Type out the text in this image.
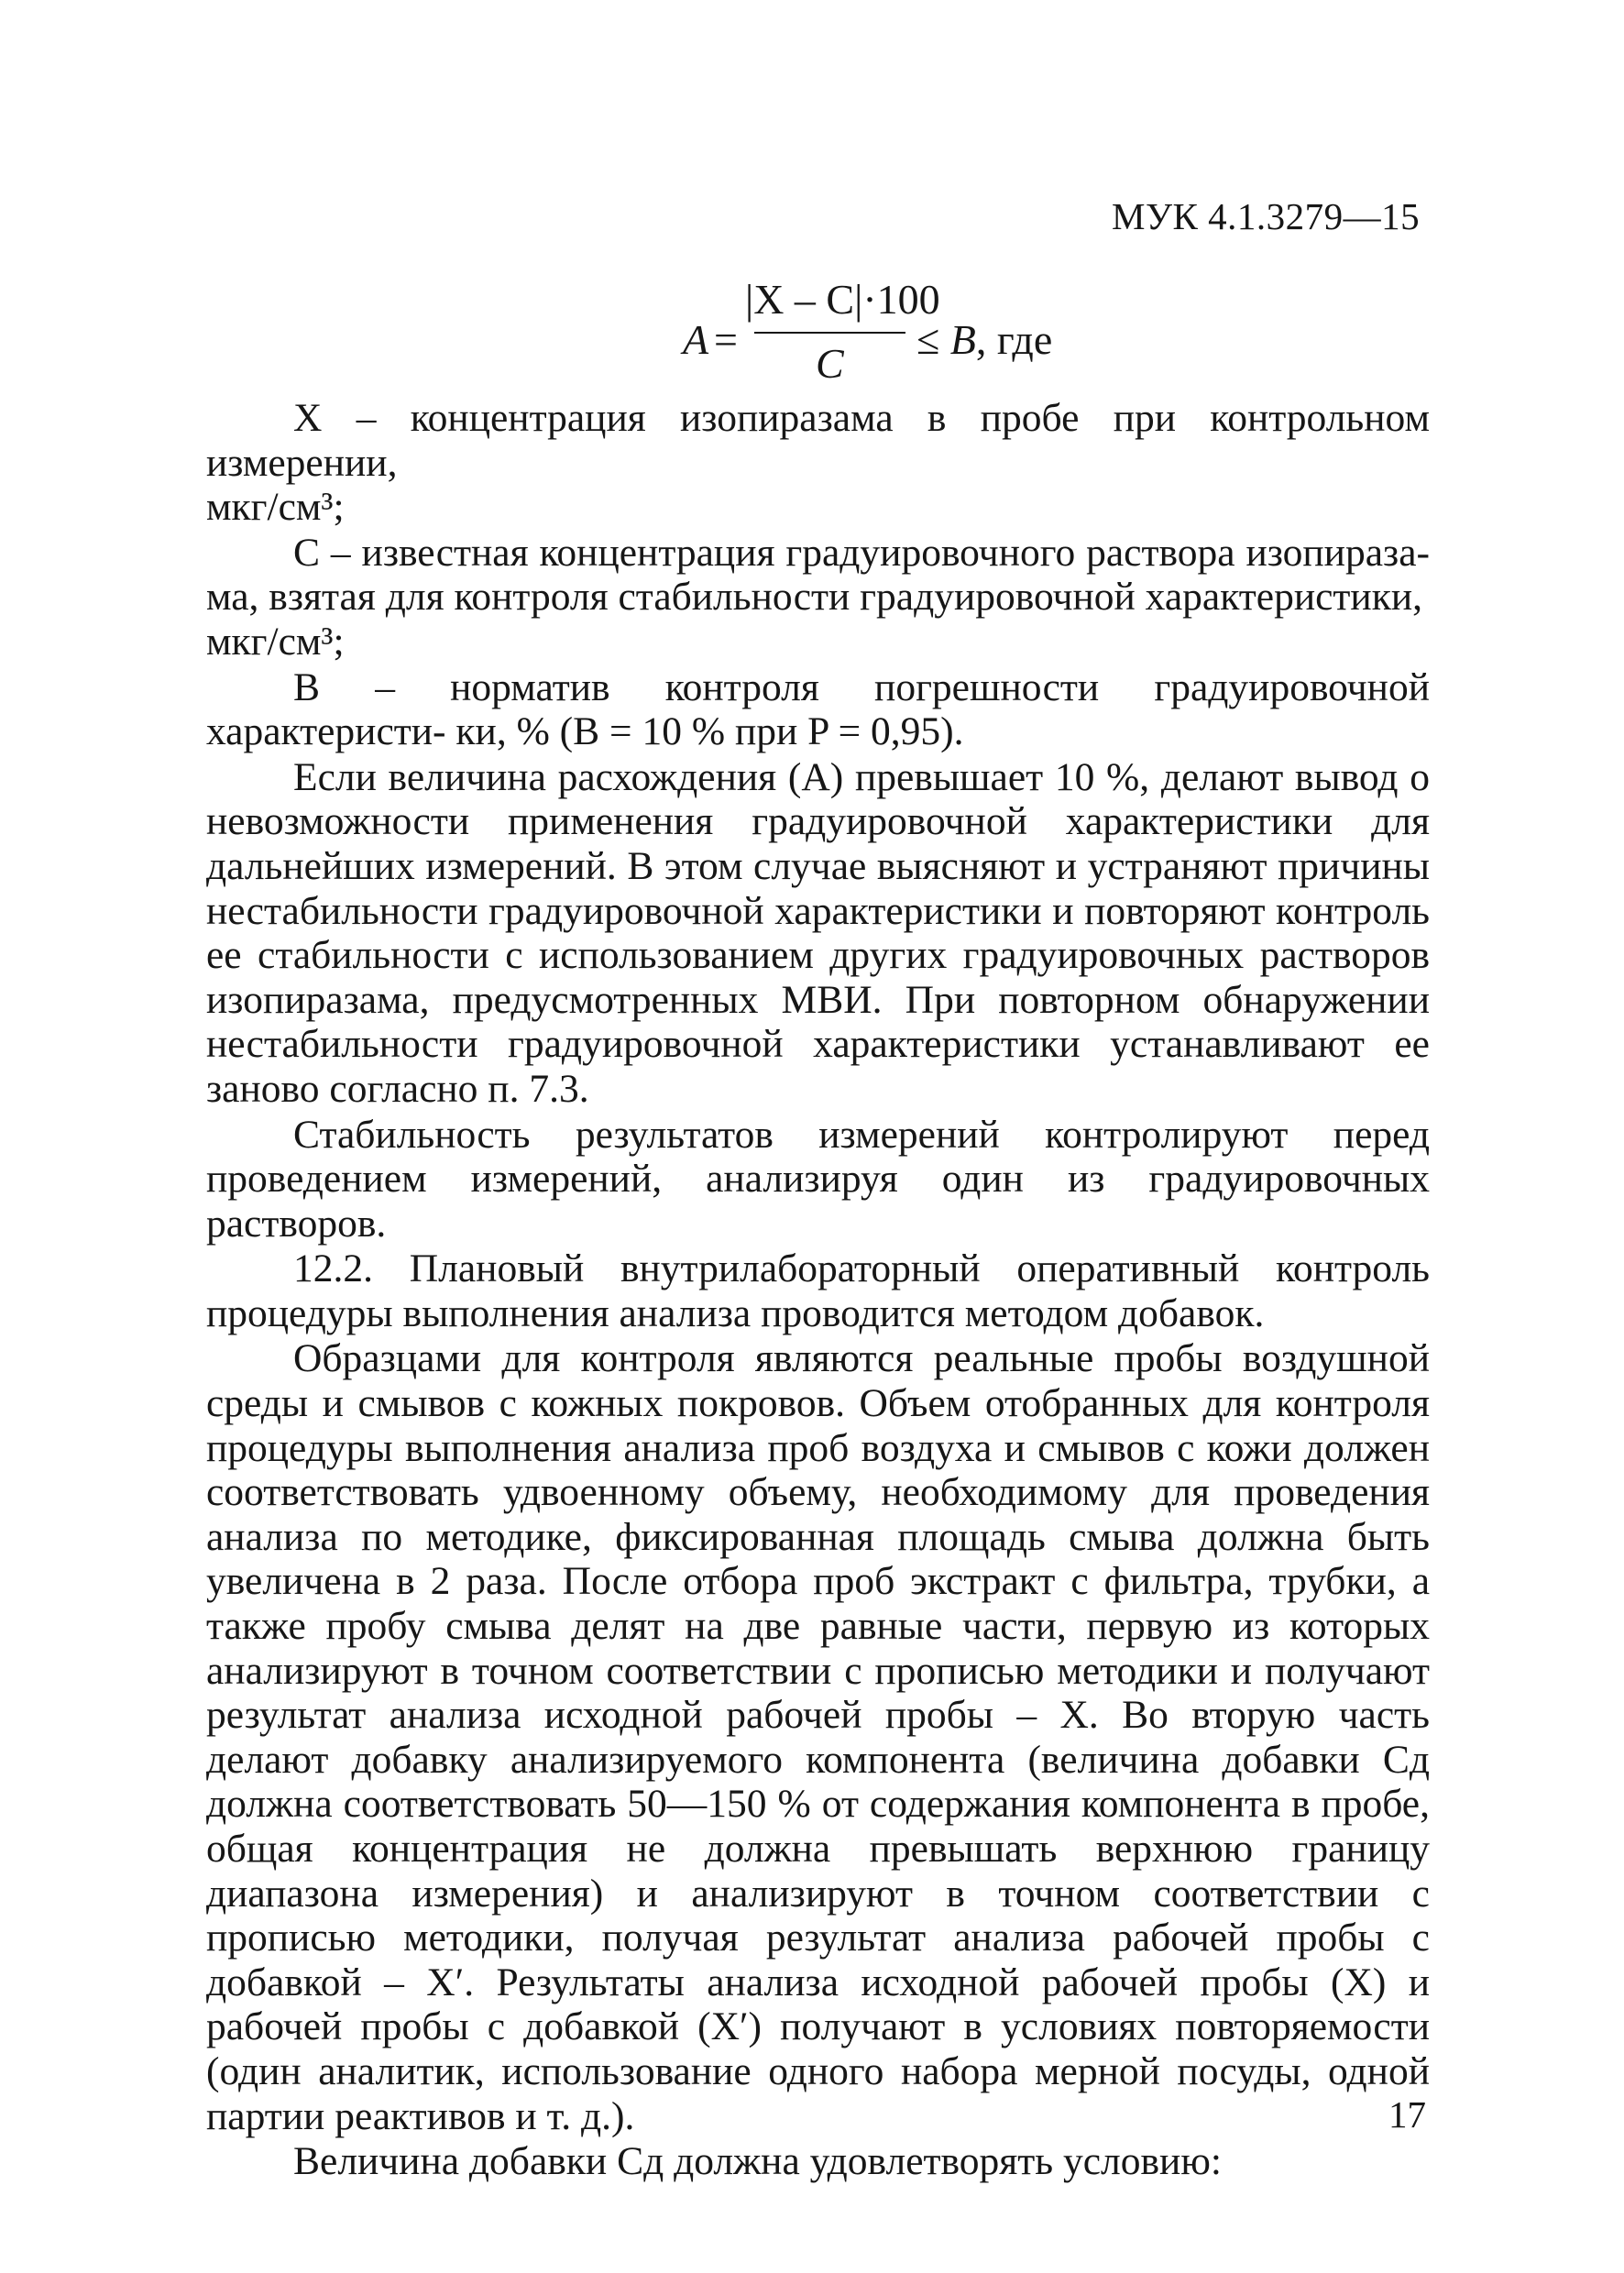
МУК 4.1.3279—15
A =
|X – C|·100
C
≤ B, где

X – концентрация изопиразама в пробе при контрольном измерении,
мкг/см³;

C – известная концентрация градуировочного раствора изопираза- ма, взятая для контроля стабильности градуировочной характеристики,
мкг/см³;

B – норматив контроля погрешности градуировочной характеристи- ки, % (B = 10 % при P = 0,95).

Если величина расхождения (A) превышает 10 %, делают вывод о невозможности применения градуировочной характеристики для дальнейших измерений. В этом случае выясняют и устраняют причины нестабильности градуировочной характеристики и повторяют контроль ее стабильности с использованием других градуировочных растворов изопиразама, предусмотренных МВИ. При повторном обнаружении нестабильности градуировочной характеристики устанавливают ее заново согласно п. 7.3.

Стабильность результатов измерений контролируют перед проведением измерений, анализируя один из градуировочных растворов.

12.2. Плановый внутрилабораторный оперативный контроль процедуры выполнения анализа проводится методом добавок.

Образцами для контроля являются реальные пробы воздушной среды и смывов с кожных покровов. Объем отобранных для контроля процедуры выполнения анализа проб воздуха и смывов с кожи должен соответствовать удвоенному объему, необходимому для проведения анализа по методике, фиксированная площадь смыва должна быть увеличена в 2 раза. После отбора проб экстракт с фильтра, трубки, а также пробу смыва делят на две равные части, первую из которых анализируют в точном соответствии с прописью методики и получают результат анализа исходной рабочей пробы – X. Во вторую часть делают добавку анализируемого компонента (величина добавки Cд должна соответствовать 50—150 % от содержания компонента в пробе, общая концентрация не должна превышать верхнюю границу диапазона измерения) и анализируют в точном соответствии с прописью методики, получая результат анализа рабочей пробы с добавкой – X′. Результаты анализа исходной рабочей пробы (X) и рабочей пробы с добавкой (X′) получают в условиях повторяемости (один аналитик, использование одного набора мерной посуды, одной партии реактивов и т. д.).

Величина добавки Cд должна удовлетворять условию:

17
